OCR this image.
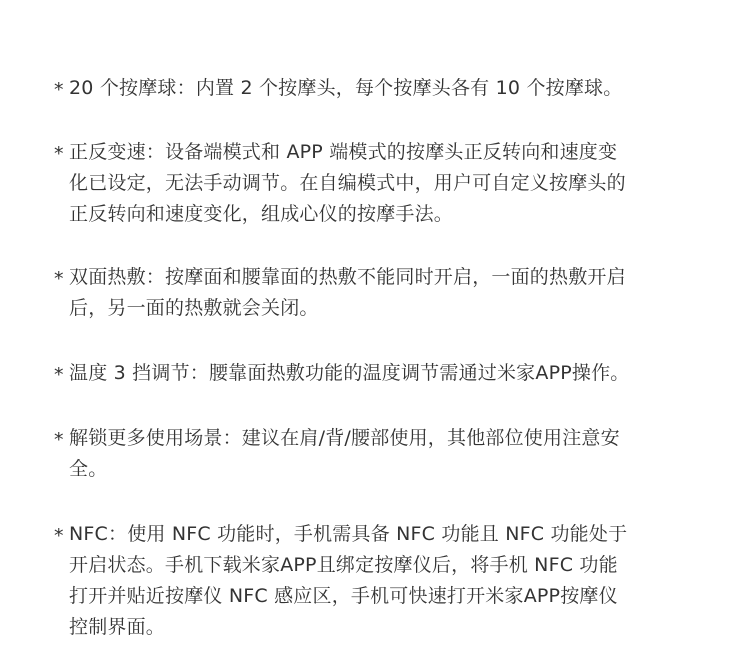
* 20 个按摩球：内置 2 个按摩头，每个按摩头各有 10 个按摩球。
* 正反变速：设备端模式和 APP 端模式的按摩头正反转向和速度变
化已设定，无法手动调节。在自编模式中，用户可自定义按摩头的
正反转向和速度变化，组成心仪的按摩手法。
* 双面热敷：按摩面和腰靠面的热敷不能同时开启，一面的热敷开启
后，另一面的热敷就会关闭。
* 温度 3 挡调节：腰靠面热敷功能的温度调节需通过米家APP操作。
* 解锁更多使用场景：建议在肩/背/腰部使用，其他部位使用注意安
全。
* NFC：使用 NFC 功能时，手机需具备 NFC 功能且 NFC 功能处于
开启状态。手机下载米家APP且绑定按摩仪后，将手机 NFC 功能
打开并贴近按摩仪 NFC 感应区，手机可快速打开米家APP按摩仪
控制界面。
